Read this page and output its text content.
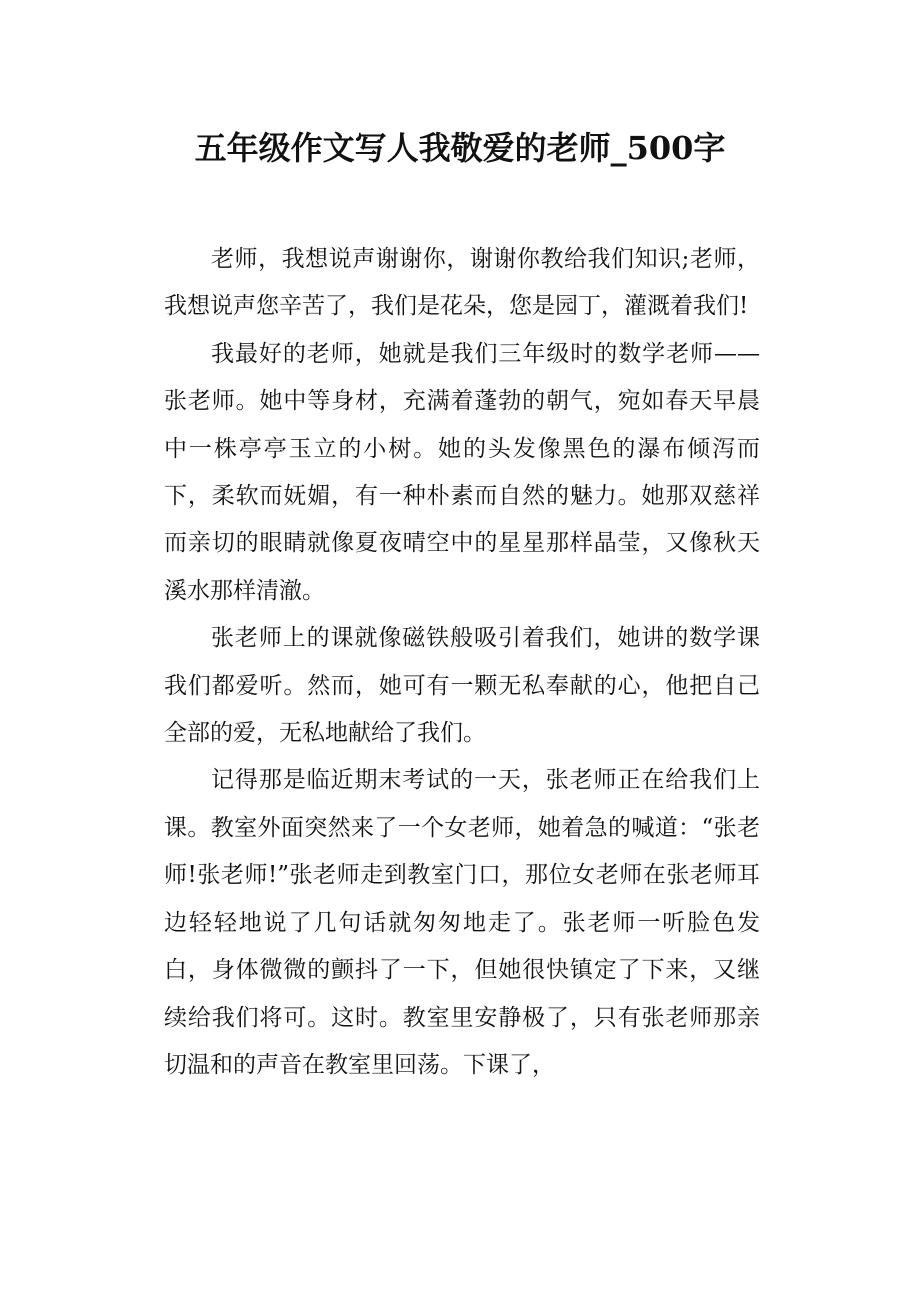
五年级作文写人我敬爱的老师_500字

老师，我想说声谢谢你，谢谢你教给我们知识;老师，我想说声您辛苦了，我们是花朵，您是园丁，灌溉着我们!

我最好的老师，她就是我们三年级时的数学老师——张老师。她中等身材，充满着蓬勃的朝气，宛如春天早晨中一株亭亭玉立的小树。她的头发像黑色的瀑布倾泻而下，柔软而妩媚，有一种朴素而自然的魅力。她那双慈祥而亲切的眼睛就像夏夜晴空中的星星那样晶莹，又像秋天溪水那样清澈。

张老师上的课就像磁铁般吸引着我们，她讲的数学课我们都爱听。然而，她可有一颗无私奉献的心，他把自己全部的爱，无私地献给了我们。

记得那是临近期末考试的一天，张老师正在给我们上课。教室外面突然来了一个女老师，她着急的喊道：“张老师!张老师!”张老师走到教室门口，那位女老师在张老师耳边轻轻地说了几句话就匆匆地走了。张老师一听脸色发白，身体微微的颤抖了一下，但她很快镇定了下来，又继续给我们将可。这时。教室里安静极了，只有张老师那亲切温和的声音在教室里回荡。下课了，
